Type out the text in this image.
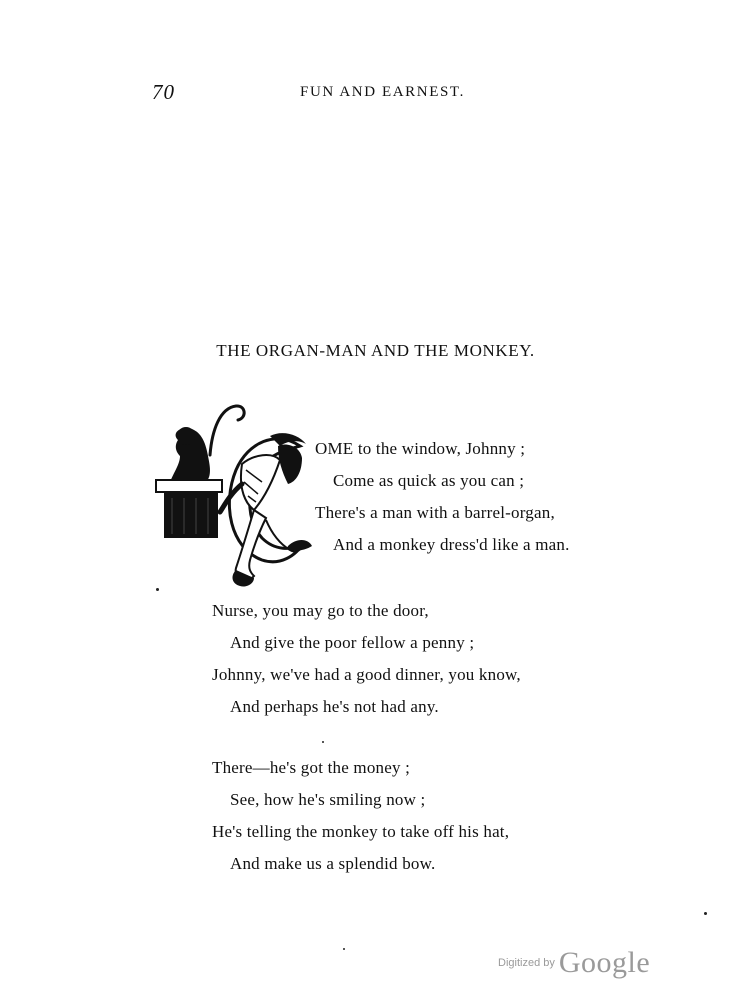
70	FUN AND EARNEST.
THE ORGAN-MAN AND THE MONKEY.
OME to the window, Johnny ;
Come as quick as you can ;
There's a man with a barrel-organ,
And a monkey dress'd like a man.
Nurse, you may go to the door,
And give the poor fellow a penny ;
Johnny, we've had a good dinner, you know,
And perhaps he's not had any.
There—he's got the money ;
See, how he's smiling now ;
He's telling the monkey to take off his hat,
And make us a splendid bow.
Digitized by Google
